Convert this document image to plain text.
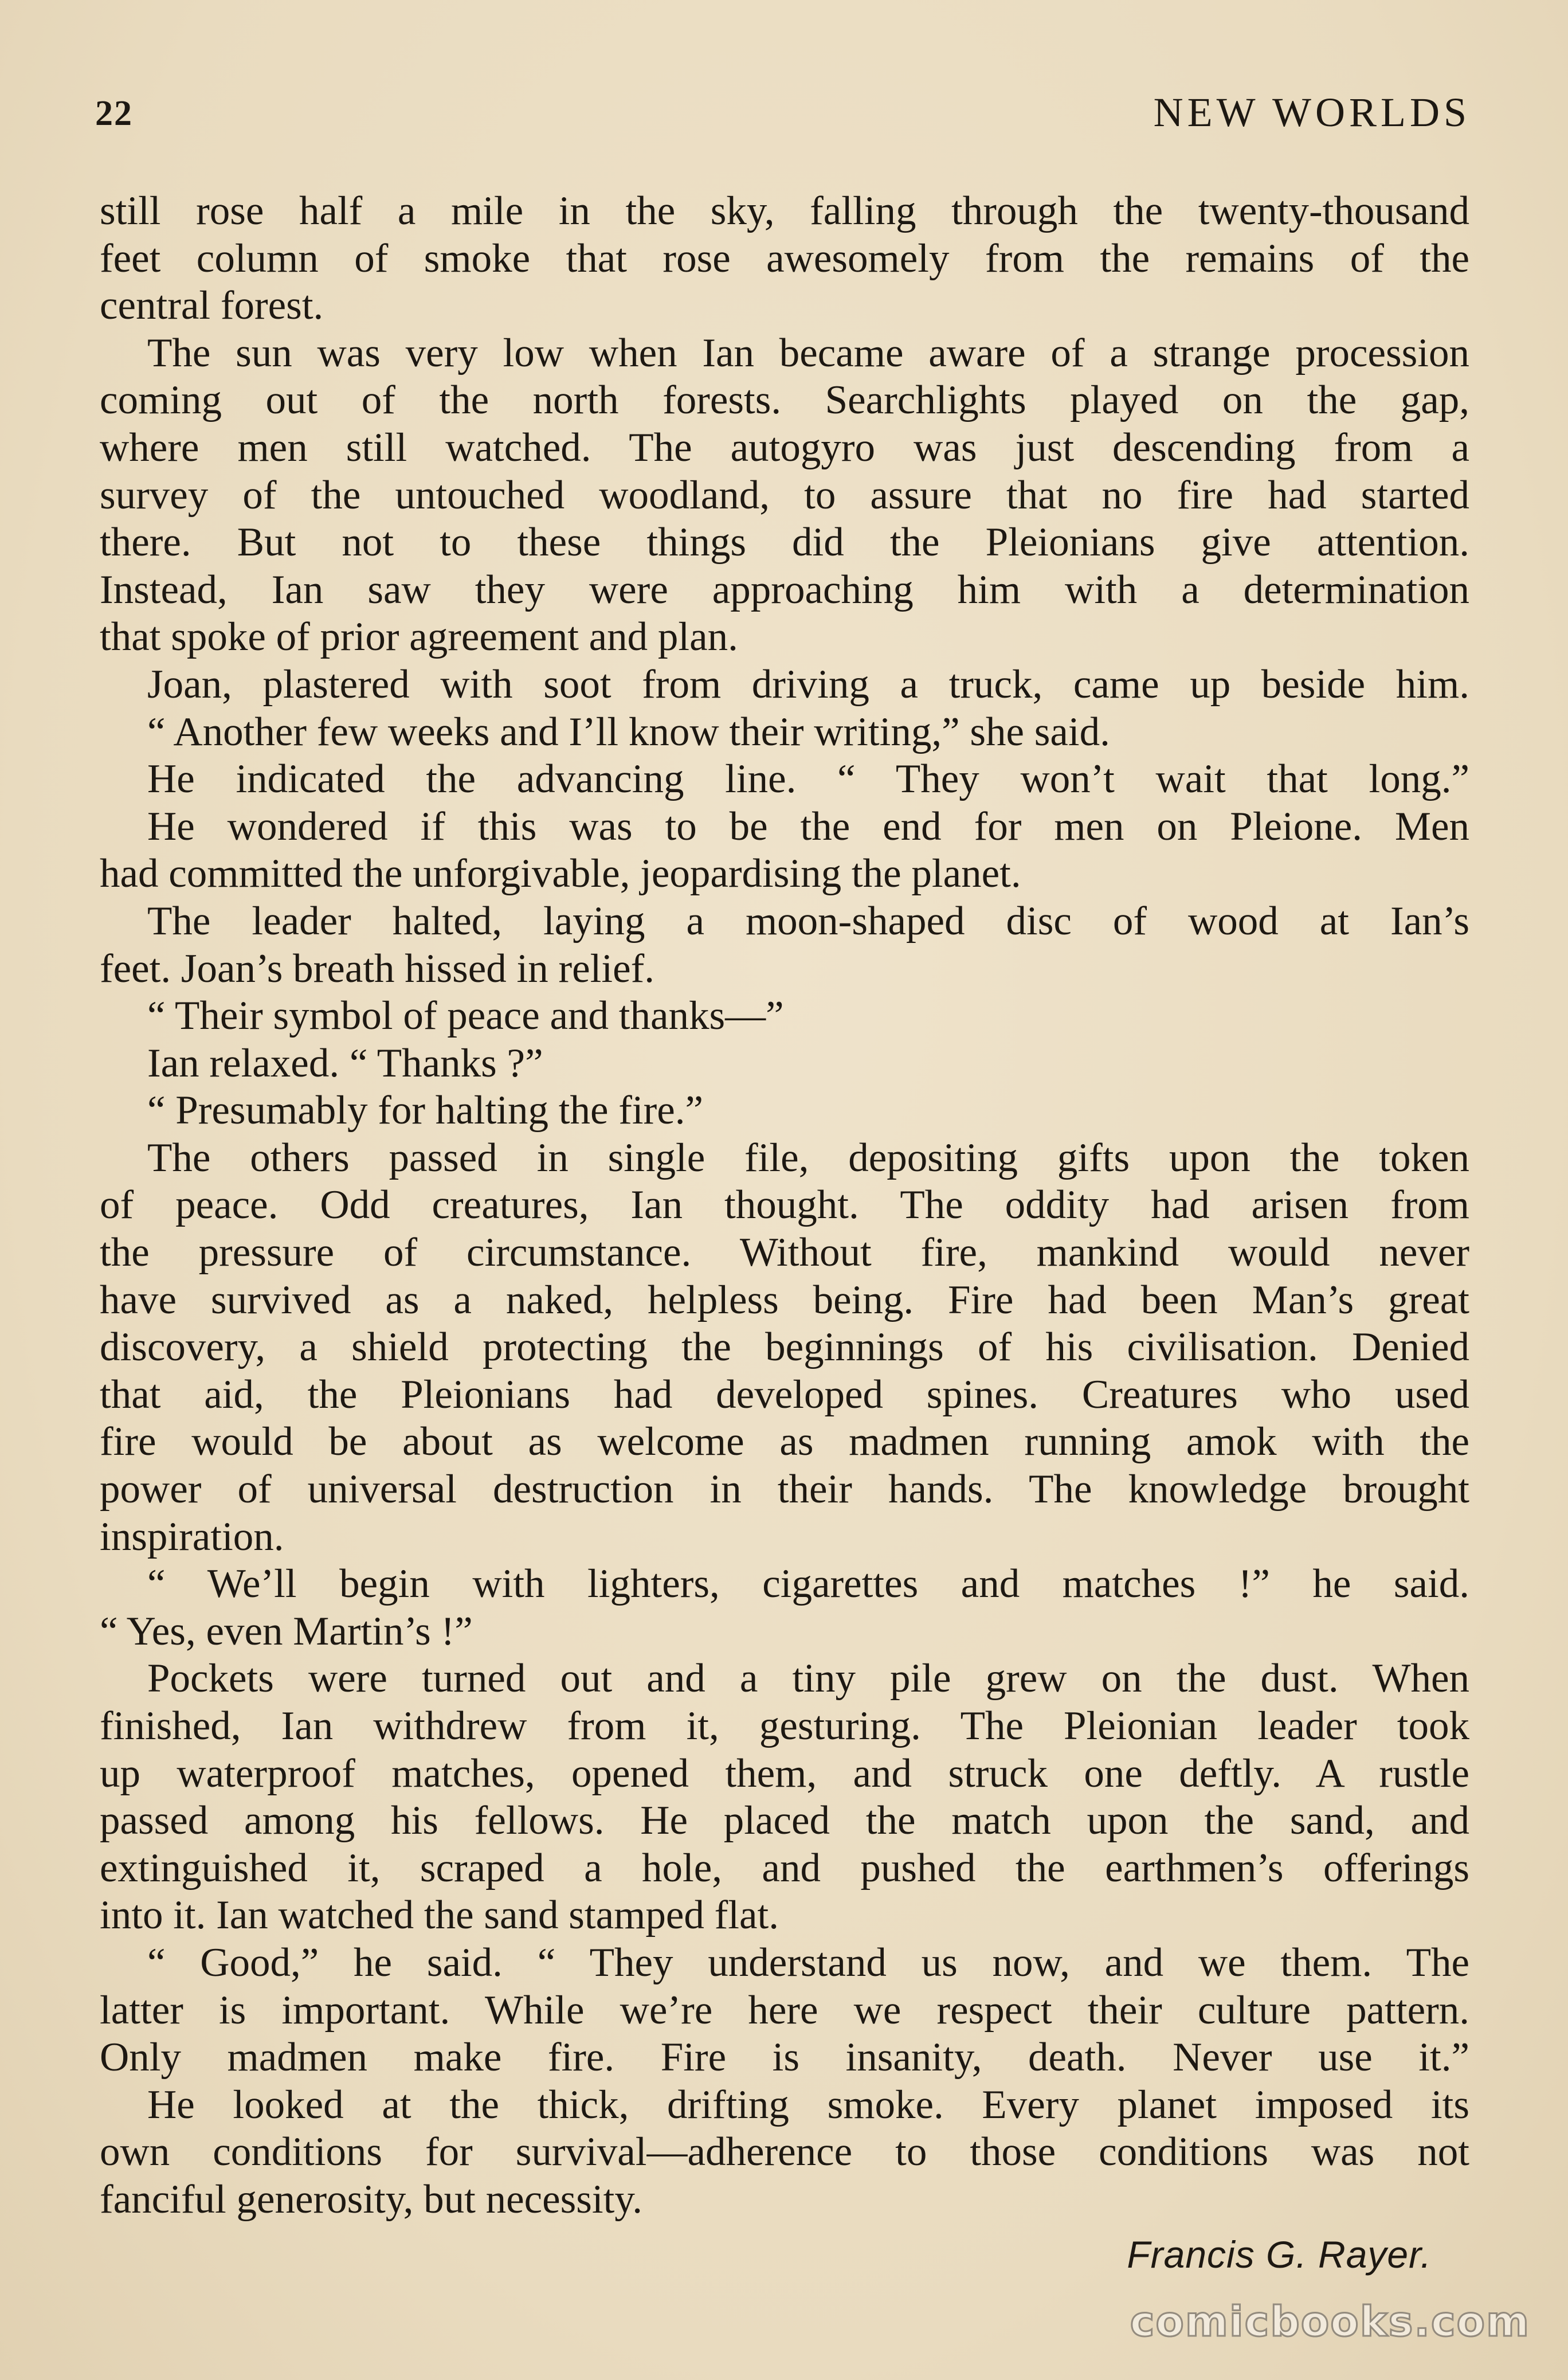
22	NEW WORLDS
still rose half a mile in the sky, falling through the twenty-thousand
feet column of smoke that rose awesomely from the remains of the
central forest.
The sun was very low when Ian became aware of a strange procession
coming out of the north forests. Searchlights played on the gap,
where men still watched. The autogyro was just descending from a
survey of the untouched woodland, to assure that no fire had started
there. But not to these things did the Pleionians give attention.
Instead, Ian saw they were approaching him with a determination
that spoke of prior agreement and plan.
Joan, plastered with soot from driving a truck, came up beside him.
“ Another few weeks and I’ll know their writing,” she said.
He indicated the advancing line. “ They won’t wait that long.”
He wondered if this was to be the end for men on Pleione. Men
had committed the unforgivable, jeopardising the planet.
The leader halted, laying a moon-shaped disc of wood at Ian’s
feet. Joan’s breath hissed in relief.
“ Their symbol of peace and thanks—”
Ian relaxed. “ Thanks ?”
“ Presumably for halting the fire.”
The others passed in single file, depositing gifts upon the token
of peace. Odd creatures, Ian thought. The oddity had arisen from
the pressure of circumstance. Without fire, mankind would never
have survived as a naked, helpless being. Fire had been Man’s great
discovery, a shield protecting the beginnings of his civilisation. Denied
that aid, the Pleionians had developed spines. Creatures who used
fire would be about as welcome as madmen running amok with the
power of universal destruction in their hands. The knowledge brought
inspiration.
“ We’ll begin with lighters, cigarettes and matches !” he said.
“ Yes, even Martin’s !”
Pockets were turned out and a tiny pile grew on the dust. When
finished, Ian withdrew from it, gesturing. The Pleionian leader took
up waterproof matches, opened them, and struck one deftly. A rustle
passed among his fellows. He placed the match upon the sand, and
extinguished it, scraped a hole, and pushed the earthmen’s offerings
into it. Ian watched the sand stamped flat.
“ Good,” he said. “ They understand us now, and we them. The
latter is important. While we’re here we respect their culture pattern.
Only madmen make fire. Fire is insanity, death. Never use it.”
He looked at the thick, drifting smoke. Every planet imposed its
own conditions for survival—adherence to those conditions was not
fanciful generosity, but necessity.
Francis G. Rayer.
comicbooks.com
